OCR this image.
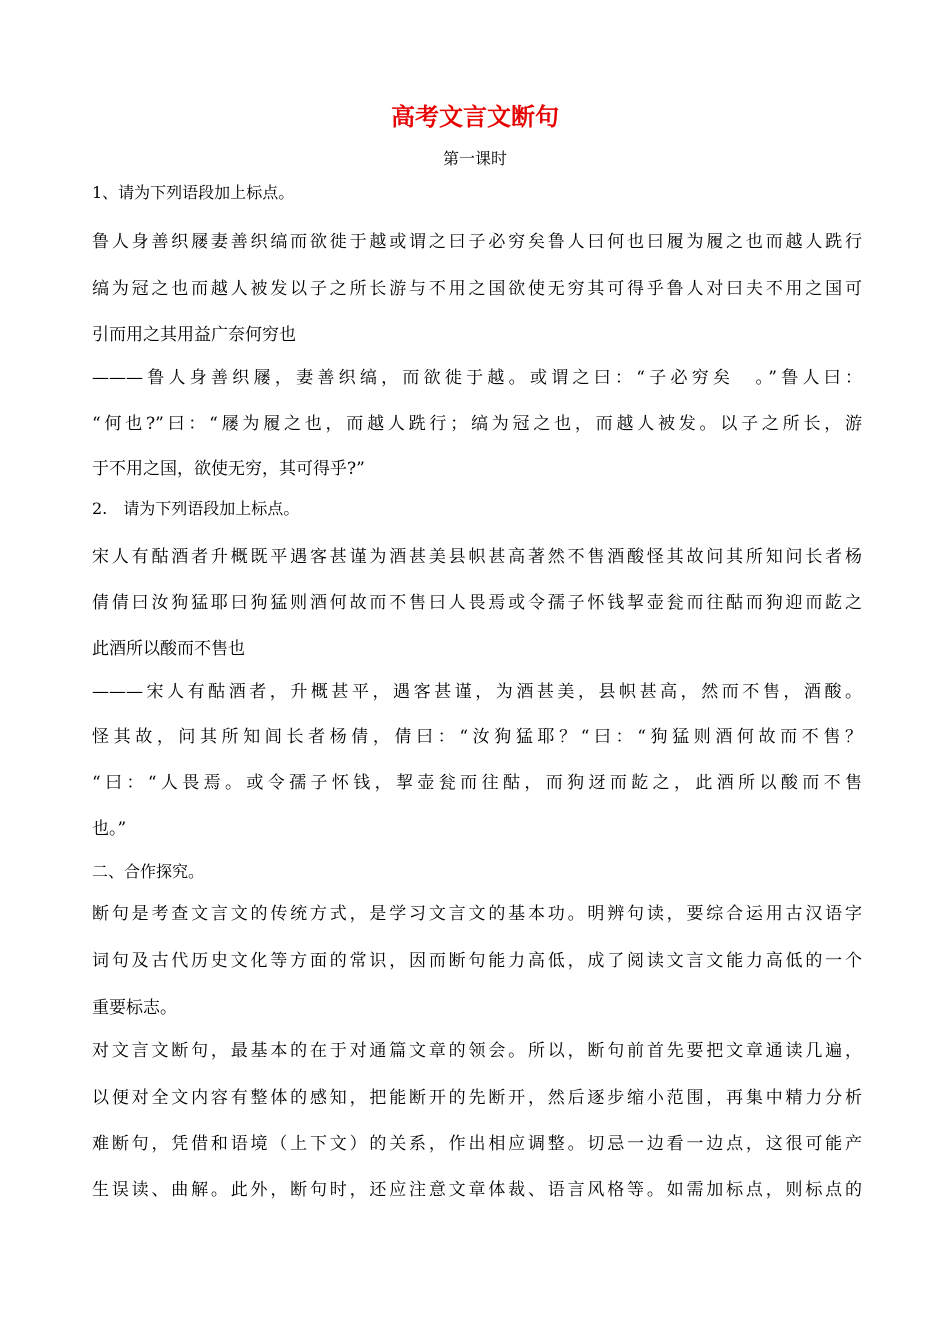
高考文言文断句
第一课时
1、请为下列语段加上标点。
鲁人身善织屦妻善织缟而欲徙于越或谓之曰子必穷矣鲁人曰何也曰履为履之也而越人跣行
缟为冠之也而越人被发以子之所长游与不用之国欲使无穷其可得乎鲁人对曰夫不用之国可
引而用之其用益广奈何穷也
———鲁人身善织屦，妻善织缟，而欲徙于越。或谓之曰：“子必穷矣　。”鲁人曰：
“何也?”曰：“屦为履之也，而越人跣行；缟为冠之也，而越人被发。以子之所长，游
于不用之国，欲使无穷，其可得乎?”
2.　请为下列语段加上标点。
宋人有酤酒者升概既平遇客甚谨为酒甚美县帜甚高著然不售酒酸怪其故问其所知问长者杨
倩倩曰汝狗猛耶曰狗猛则酒何故而不售曰人畏焉或令孺子怀钱挈壶瓮而往酤而狗迎而龁之
此酒所以酸而不售也
———宋人有酤酒者，升概甚平，遇客甚谨，为酒甚美，县帜甚高，然而不售，酒酸。
怪其故，问其所知闾长者杨倩，倩曰：“汝狗猛耶？“曰：“狗猛则酒何故而不售？
“曰：“人畏焉。或令孺子怀钱，挈壶瓮而往酤，而狗迓而龁之，此酒所以酸而不售
也。”
二、合作探究。
断句是考查文言文的传统方式，是学习文言文的基本功。明辨句读，要综合运用古汉语字
词句及古代历史文化等方面的常识，因而断句能力高低，成了阅读文言文能力高低的一个
重要标志。
对文言文断句，最基本的在于对通篇文章的领会。所以，断句前首先要把文章通读几遍，
以便对全文内容有整体的感知，把能断开的先断开，然后逐步缩小范围，再集中精力分析
难断句，凭借和语境（上下文）的关系，作出相应调整。切忌一边看一边点，这很可能产
生误读、曲解。此外，断句时，还应注意文章体裁、语言风格等。如需加标点，则标点的
